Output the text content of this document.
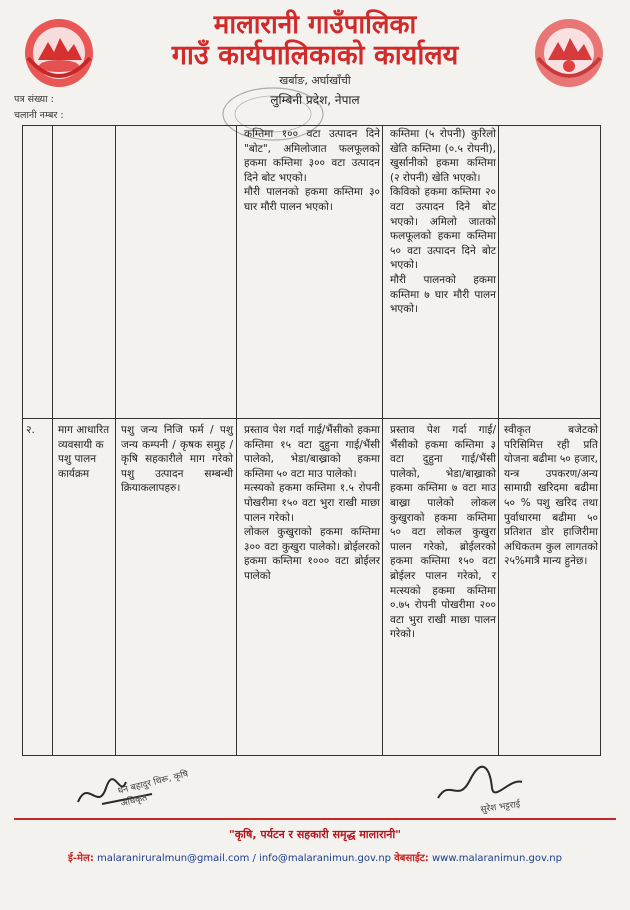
मालारानी गाउँपालिका
गाउँ कार्यपालिकाको कार्यालय
खर्बाङ, अर्घाखाँची
लुम्बिनी प्रदेश, नेपाल
पत्र संख्या :
चलानी नम्बर :

कम्तिमा १०० वटा उत्पादन दिने "बोट", अमिलोजात फलफूलको हकमा कम्तिमा ३०० वटा उत्पादन दिने बोट भएको।

मौरी पालनको हकमा कम्तिमा ३० घार मौरी पालन भएको।

कम्तिमा (५ रोपनी) कुरिलो खेति कम्तिमा (०.५ रोपनी), खुर्सानीको हकमा कम्तिमा (२ रोपनी) खेति भएको।

किविको हकमा कम्तिमा २० वटा उत्पादन दिने बोट भएको। अमिलो जातको फलफूलको हकमा कम्तिमा ५० वटा उत्पादन दिने बोट भएको।

मौरी पालनको हकमा कम्तिमा ७ घार मौरी पालन भएको।

२.	माग आधारित व्यवसायी क पशु पालन कार्यक्रम
पशु जन्य निजि फर्म / पशु जन्य कम्पनी / कृषक समुह / कृषि सहकारीले माग गरेको पशु उत्पादन सम्बन्धी क्रियाकलापहरु।

प्रस्ताव पेश गर्दा गाई/भैंसीको हकमा कम्तिमा १५ वटा दुहुना गाई/भैंसी पालेको, भेडा/बाख्राको हकमा कम्तिमा ५० वटा माउ पालेको।

मत्स्यको हकमा कम्तिमा १.५ रोपनी पोखरीमा १५० वटा भुरा राखी माछा पालन गरेको।

लोकल कुखुराको हकमा कम्तिमा ३०० वटा कुखुरा पालेको। ब्रोईलरको हकमा कम्तिमा १००० वटा ब्रोईलर पालेको

प्रस्ताव पेश गर्दा गाई/भैंसीको हकमा कम्तिमा ३ वटा दुहुना गाई/भैंसी पालेको, भेडा/बाख्राको हकमा कम्तिमा ७ वटा माउ बाख्रा पालेको लोकल कुखुराको हकमा कम्तिमा ५० वटा लोकल कुखुरा पालन गरेको, ब्रोईलरको हकमा कम्तिमा १५० वटा ब्रोईलर पालन गरेको, र मत्स्यको हकमा कम्तिमा ०.७५ रोपनी पोखरीमा २०० वटा भुरा राखी माछा पालन गरेको।

स्वीकृत बजेटको परिसिमित्त रही प्रति योजना बढीमा ५० हजार, यन्त्र उपकरण/अन्य सामाग्री खरिदमा बढीमा ५० % पशु खरिद तथा पुर्वाधारमा बढीमा ५० प्रतिशत डोर हाजिरीमा अधिकतम कुल लागतको २५%मात्रै मान्य हुनेछ।

धन बहादुर थिरू, कृषि अधिकृत	सुरेश भट्टराई
"कृषि, पर्यटन र सहकारी समृद्ध मालारानी"
ई-मेल: malaraniruralmun@gmail.com / info@malaranimun.gov.np वेबसाईट: www.malaranimun.gov.np
